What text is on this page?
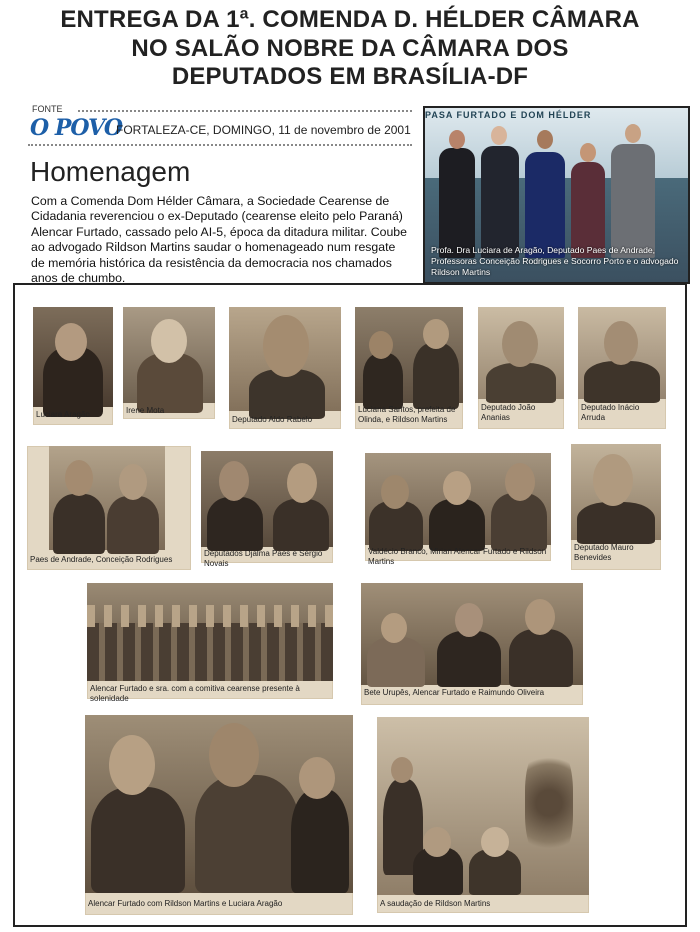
ENTREGA DA 1ª. COMENDA D. HÉLDER CÂMARA
NO SALÃO NOBRE DA CÂMARA DOS
DEPUTADOS EM BRASÍLIA-DF
FONTE
O POVO
FORTALEZA-CE, DOMINGO, 11 de novembro de 2001
Homenagem
Com a Comenda Dom Hélder Câmara, a Sociedade Cearense de Cidadania reverenciou o ex-Deputado (cearense eleito pelo Paraná) Alencar Furtado, cassado pelo AI-5, época da ditadura militar. Coube ao advogado Rildson Martins saudar o homenageado num resgate de memória histórica da resistência da democracia nos chamados anos de chumbo.
PASA FURTADO E DOM HÉLDER
Profa. Dra Luciara de Aragão, Deputado Paes de Andrade, Professoras Conceição Rodrigues e Socorro Porto e o advogado Rildson Martins
Luciara Aragão	Irene Mota
Deputado Aldo Rabelo
Luciana Santos, prefeita de Olinda, e Rildson Martins
Deputado João Ananias
Deputado Inácio Arruda
Paes de Andrade, Conceição Rodrigues
Deputados Djalma Paes e Sérgio Novais
Valdécio Branco, Mirian Alencar Furtado e Rildson Martins
Deputado Mauro Benevides
Alencar Furtado e sra. com a comitiva cearense presente à solenidade
Bete Urupês, Alencar Furtado e Raimundo Oliveira
Alencar Furtado com Rildson Martins e Luciara Aragão	A saudação de Rildson Martins
